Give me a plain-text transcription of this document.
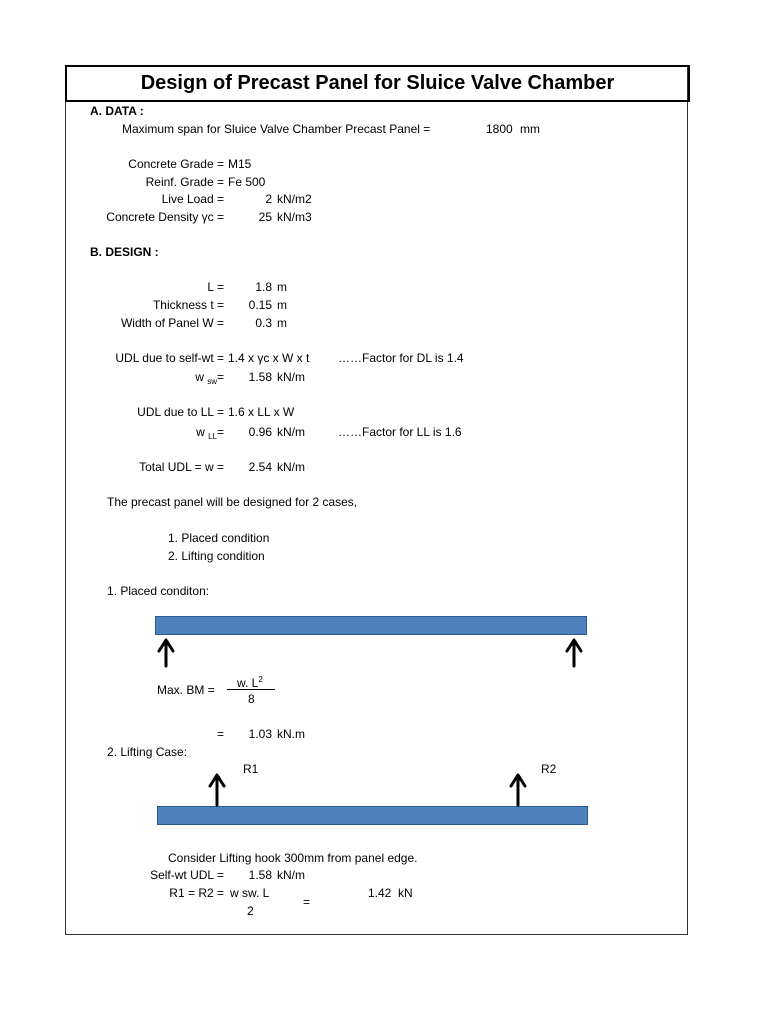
Design of Precast Panel for Sluice Valve Chamber
A. DATA :
Maximum span for Sluice Valve Chamber Precast Panel =	1800 mm
Concrete Grade = M15
Reinf. Grade = Fe 500
Live Load =	2 kN/m2
Concrete Density γc =	25 kN/m3
B. DESIGN :
L =	1.8 m
Thickness t =	0.15 m
Width of Panel W =	0.3 m
UDL due to self-wt = 1.4 x γc x W x t ……Factor for DL is 1.4
w $_{sw}$=	1.58 kN/m
UDL due to LL = 1.6 x LL x W
w $_{LL}$=	0.96 kN/m	……Factor for LL is 1.6
Total UDL = w =	2.54 kN/m
The precast panel will be designed for 2 cases,
1. Placed condition
2. Lifting condition
1. Placed conditon:
Max. BM = w. $L^2$
8
=	1.03 kN.m
2. Lifting Case:
R1	R2
Consider Lifting hook 300mm from panel edge.
Self-wt UDL =	1.58 kN/m
R1 = R2 = w sw. L
2
=
1.42 kN
